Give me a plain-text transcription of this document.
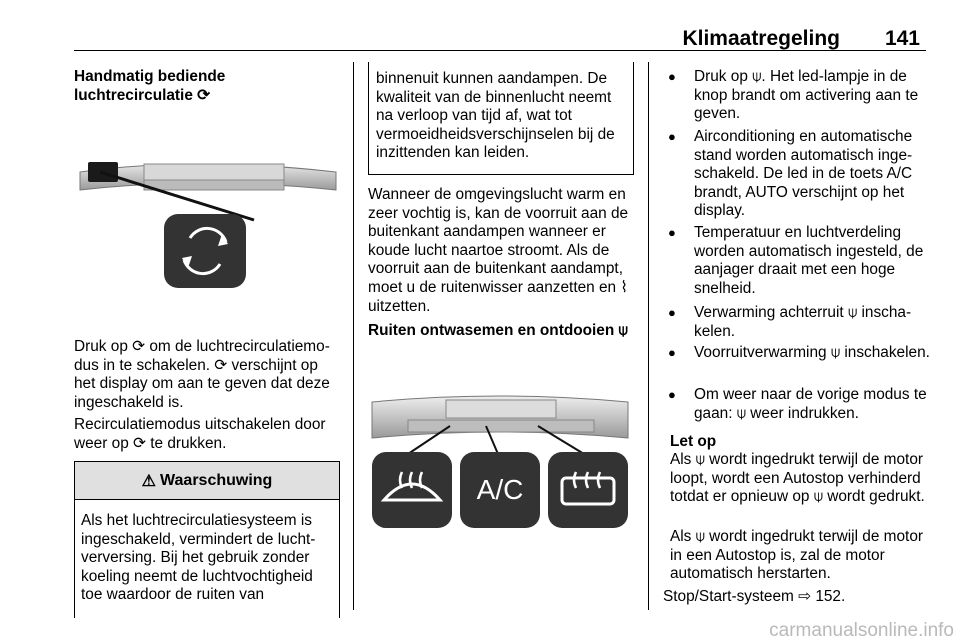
Klimaatregeling 141
Handmatig bediende luchtrecirculatie ⟳

Druk op ⟳ om de luchtrecirculatiemodus in te schakelen. ⟳ verschijnt op het display om aan te geven dat deze ingeschakeld is.

Recirculatiemodus uitschakelen door weer op ⟳ te drukken.

⚠ Waarschuwing
Als het luchtrecirculatiesysteem is ingeschakeld, vermindert de luchtverversing. Bij het gebruik zonder koeling neemt de luchtvochtigheid toe waardoor de ruiten van
binnenuit kunnen aandampen. De kwaliteit van de binnenlucht neemt na verloop van tijd af, wat tot vermoeidheidsverschijnselen bij de inzittenden kan leiden.

Wanneer de omgevingslucht warm en zeer vochtig is, kan de voorruit aan de buitenkant aandampen wanneer er koude lucht naartoe stroomt. Als de voorruit aan de buitenkant aandampt, moet u de ruitenwisser aanzetten en ⌇ uitzetten.

Ruiten ontwasemen en ontdooien ⍦
A/C
● Druk op ⍦. Het led-lampje in de knop brandt om activering aan te geven.
● Airconditioning en automatische stand worden automatisch ingeschakeld. De led in de toets A/C brandt, AUTO verschijnt op het display.
● Temperatuur en luchtverdeling worden automatisch ingesteld, de aanjager draait met een hoge snelheid.
● Verwarming achterruit ⍦ inschakelen.
● Voorruitverwarming ⍦ inschakelen.
● Om weer naar de vorige modus te gaan: ⍦ weer indrukken.
Let op

Als ⍦ wordt ingedrukt terwijl de motor loopt, wordt een Autostop verhinderd totdat er opnieuw op ⍦ wordt gedrukt.

Als ⍦ wordt ingedrukt terwijl de motor in een Autostop is, zal de motor automatisch herstarten.

Stop/Start-systeem ⇨ 152.

carmanualsonline.info
